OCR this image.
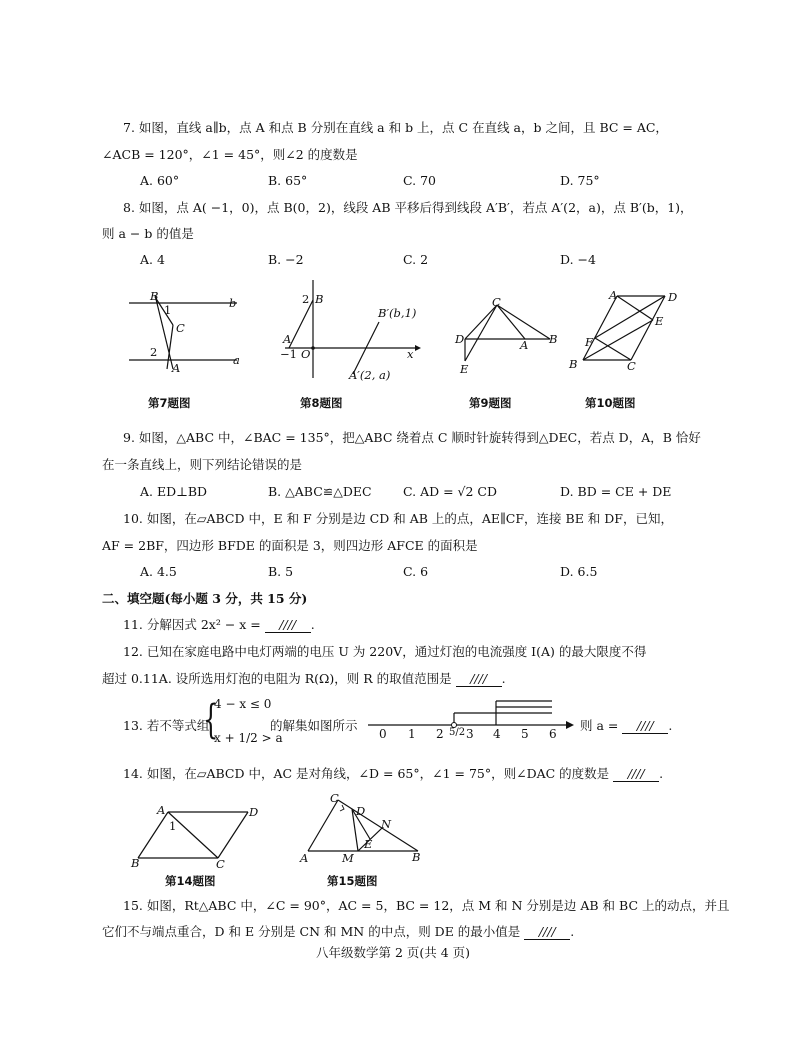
7. 如图，直线 a∥b，点 A 和点 B 分别在直线 a 和 b 上，点 C 在直线 a，b 之间，且 BC = AC，
∠ACB = 120°，∠1 = 45°，则∠2 的度数是
A. 60°	B. 65°	C. 70	D. 75°
8. 如图，点 A( −1，0)，点 B(0，2)，线段 AB 平移后得到线段 A′B′，若点 A′(2，a)，点 B′(b，1)，
则 a − b 的值是
A. 4	B. −2	C. 2	D. −4
B
1	b
C
2
A
a
第7题图
2 B
B′(b,1)
A
−1 O	x
A′(2, a)
第8题图
C
D	A B
E
第9题图
A	D
E
F
B	C
第10题图
9. 如图，△ABC 中，∠BAC = 135°，把△ABC 绕着点 C 顺时针旋转得到△DEC，若点 D，A，B 恰好
在一条直线上，则下列结论错误的是
A. ED⊥BD	B. △ABC≌△DEC	C. AD = √2 CD	D. BD = CE + DE
10. 如图，在▱ABCD 中，E 和 F 分别是边 CD 和 AB 上的点，AE∥CF，连接 BE 和 DF，已知，
AF = 2BF，四边形 BFDE 的面积是 3，则四边形 AFCE 的面积是
A. 4.5	B. 5	C. 6	D. 6.5
二、填空题(每小题 3 分，共 15 分)
11. 分解因式 2x² − x = //// .
12. 已知在家庭电路中电灯两端的电压 U 为 220V，通过灯泡的电流强度 I(A) 的最大限度不得
超过 0.11A. 设所选用灯泡的电阻为 R(Ω)，则 R 的取值范围是 //// .
13. 若不等式组
{
4 − x ≤ 0
x + 1/2 > a
的解集如图所示
0 1 2 5/2 3 4 5 6
则 a = //// .
14. 如图，在▱ABCD 中，AC 是对角线，∠D = 65°，∠1 = 75°，则∠DAC 的度数是 //// .
A	D
1
B	C
第14题图
C
D
N
E
A	M	B
第15题图
15. 如图，Rt△ABC 中，∠C = 90°，AC = 5，BC = 12，点 M 和 N 分别是边 AB 和 BC 上的动点，并且
它们不与端点重合，D 和 E 分别是 CN 和 MN 的中点，则 DE 的最小值是 //// .
八年级数学第 2 页(共 4 页)
